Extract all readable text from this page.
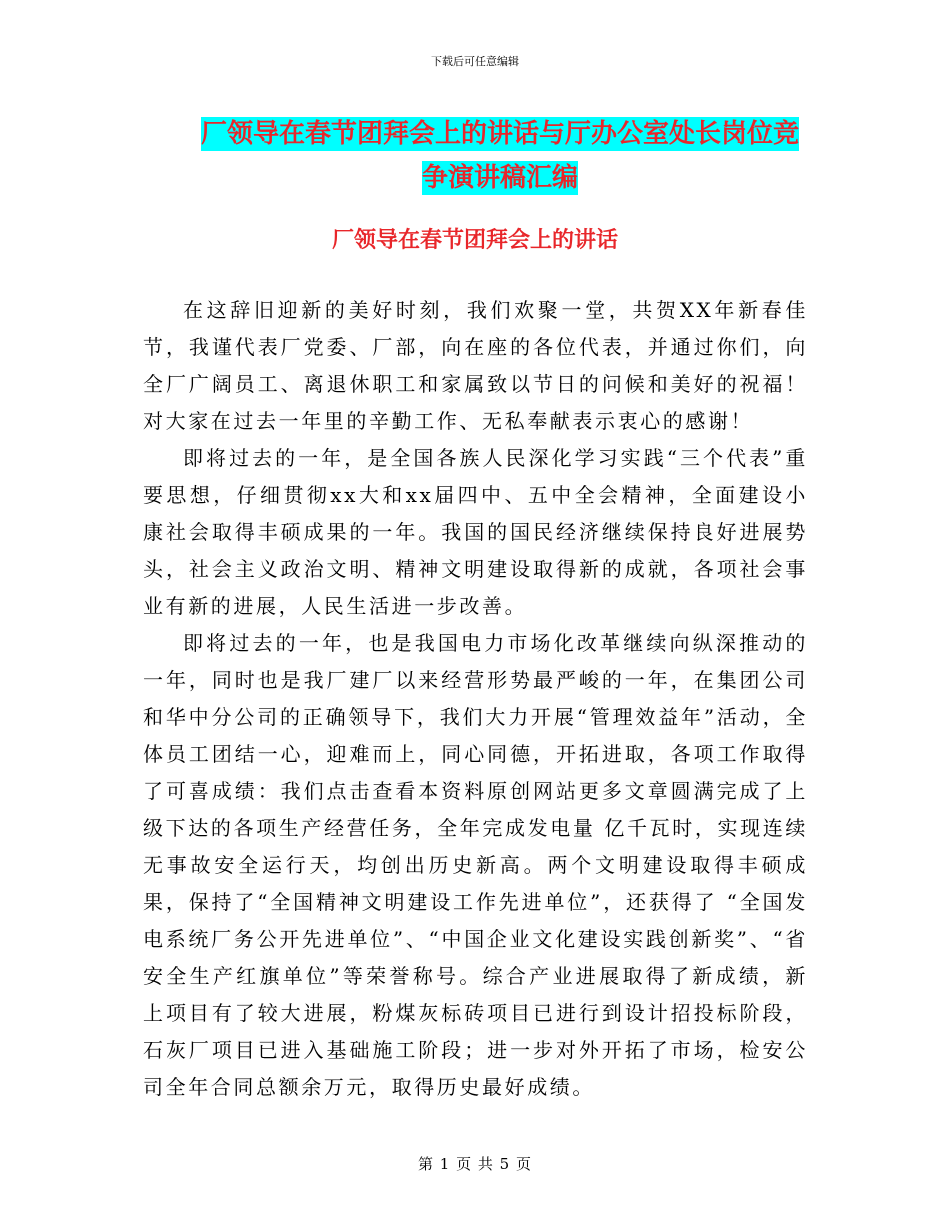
下载后可任意编辑
厂领导在春节团拜会上的讲话与厅办公室处长岗位竞争演讲稿汇编
厂领导在春节团拜会上的讲话

在这辞旧迎新的美好时刻，我们欢聚一堂，共贺XX年新春佳节，我谨代表厂党委、厂部，向在座的各位代表，并通过你们，向全厂广阔员工、离退休职工和家属致以节日的问候和美好的祝福！对大家在过去一年里的辛勤工作、无私奉献表示衷心的感谢！

即将过去的一年，是全国各族人民深化学习实践“三个代表”重要思想，仔细贯彻xx大和xx届四中、五中全会精神，全面建设小康社会取得丰硕成果的一年。我国的国民经济继续保持良好进展势头，社会主义政治文明、精神文明建设取得新的成就，各项社会事业有新的进展，人民生活进一步改善。

即将过去的一年，也是我国电力市场化改革继续向纵深推动的一年，同时也是我厂建厂以来经营形势最严峻的一年，在集团公司和华中分公司的正确领导下，我们大力开展“管理效益年”活动，全体员工团结一心，迎难而上，同心同德，开拓进取，各项工作取得了可喜成绩：我们点击查看本资料原创网站更多文章圆满完成了上级下达的各项生产经营任务，全年完成发电量 亿千瓦时，实现连续无事故安全运行天，均创出历史新高。两个文明建设取得丰硕成果，保持了“全国精神文明建设工作先进单位”，还获得了 “全国发电系统厂务公开先进单位”、“中国企业文化建设实践创新奖”、“省安全生产红旗单位”等荣誉称号。综合产业进展取得了新成绩，新上项目有了较大进展，粉煤灰标砖项目已进行到设计招投标阶段，石灰厂项目已进入基础施工阶段；进一步对外开拓了市场，检安公司全年合同总额余万元，取得历史最好成绩。

第 1 页 共 5 页
